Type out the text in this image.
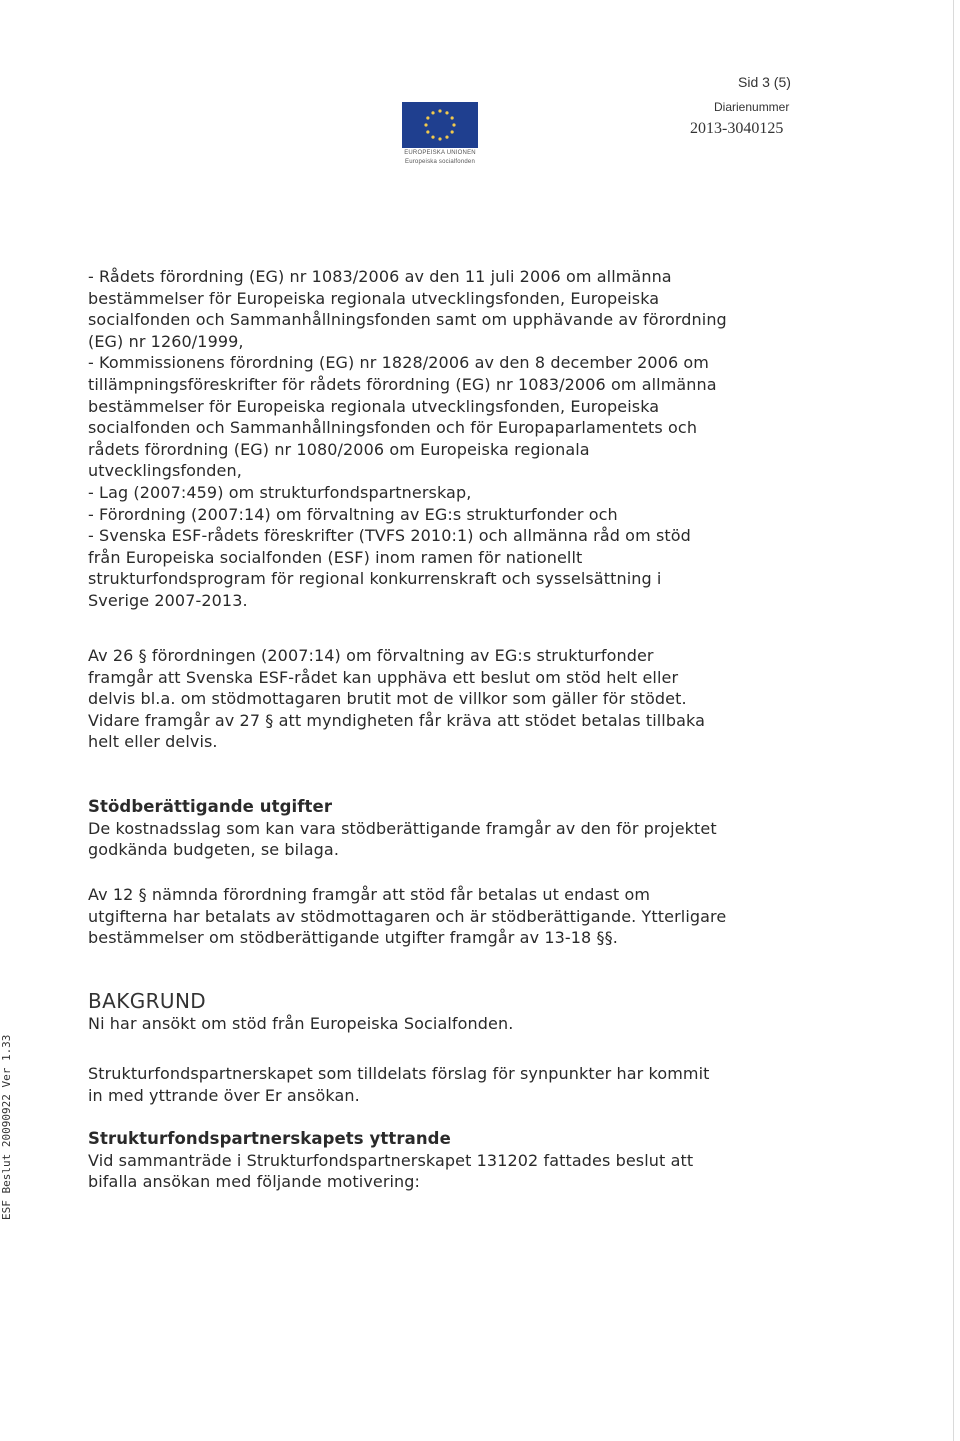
Sid 3 (5)
Diarienummer
2013-3040125
EUROPEISKA UNIONEN
Europeiska socialfonden
- Rådets förordning (EG) nr 1083/2006 av den 11 juli 2006 om allmänna
bestämmelser för Europeiska regionala utvecklingsfonden, Europeiska
socialfonden och Sammanhållningsfonden samt om upphävande av förordning
(EG) nr 1260/1999,
- Kommissionens förordning (EG) nr 1828/2006 av den 8 december 2006 om
tillämpningsföreskrifter för rådets förordning (EG) nr 1083/2006 om allmänna
bestämmelser för Europeiska regionala utvecklingsfonden, Europeiska
socialfonden och Sammanhållningsfonden och för Europaparlamentets och
rådets förordning (EG) nr 1080/2006 om Europeiska regionala
utvecklingsfonden,
- Lag (2007:459) om strukturfondspartnerskap,
- Förordning (2007:14) om förvaltning av EG:s strukturfonder och
- Svenska ESF-rådets föreskrifter (TVFS 2010:1) och allmänna råd om stöd
från Europeiska socialfonden (ESF) inom ramen för nationellt
strukturfondsprogram för regional konkurrenskraft och sysselsättning i
Sverige 2007-2013.
Av 26 § förordningen (2007:14) om förvaltning av EG:s strukturfonder
framgår att Svenska ESF-rådet kan upphäva ett beslut om stöd helt eller
delvis bl.a. om stödmottagaren brutit mot de villkor som gäller för stödet.
Vidare framgår av 27 § att myndigheten får kräva att stödet betalas tillbaka
helt eller delvis.
Stödberättigande utgifter
De kostnadsslag som kan vara stödberättigande framgår av den för projektet
godkända budgeten, se bilaga.
Av 12 § nämnda förordning framgår att stöd får betalas ut endast om
utgifterna har betalats av stödmottagaren och är stödberättigande. Ytterligare
bestämmelser om stödberättigande utgifter framgår av 13-18 §§.
BAKGRUND
Ni har ansökt om stöd från Europeiska Socialfonden.
Strukturfondspartnerskapet som tilldelats förslag för synpunkter har kommit
in med yttrande över Er ansökan.
Strukturfondspartnerskapets yttrande
Vid sammanträde i Strukturfondspartnerskapet 131202 fattades beslut att
bifalla ansökan med följande motivering:
ESF Beslut 20090922 Ver 1.33
